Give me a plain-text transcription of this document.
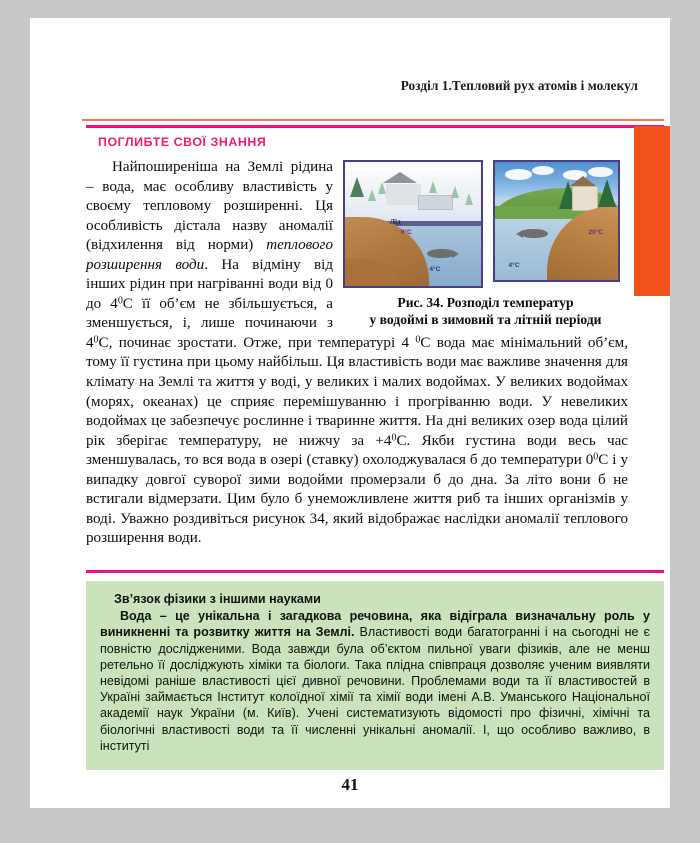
Розділ 1.Тепловий рух атомів і молекул
ПОГЛИБТЕ СВОЇ ЗНАННЯ
Лід
0°C
4°C
20°C
4°C
Рис. 34. Розподіл температур
у водоймі в зимовий та літній періоди

Найпоширеніша на Землі рідина – вода, має особливу властивість у своєму тепловому розширенні. Ця особливість дістала назву аномалії (відхилення від норми) теплового розширення води. На відміну від інших рідин при нагріванні води від 0 до $4^0С$ її об’єм не збільшується, а зменшується, і, лише починаючи з $4^0С$, починає зростати. Отже, при температурі 4 $^0$С вода має мінімальний об’єм, тому її густина при цьому найбільш. Ця властивість води має важливе значення для клімату на Землі та життя у воді, у великих і малих водоймах. У великих водоймах (морях, океанах) це сприяє перемішуванню і прогріванню води. У невеликих водоймах це забезпечує рослинне і тваринне життя. На дні великих озер вода цілий рік зберігає температуру, не нижчу за $+4^0С$. Якби густина води весь час зменшувалась, то вся вода в озері (ставку) охолоджувалася б до температури $0^0С$ і у випадку довгої суворої зими водойми промерзали б до дна. За літо вони б не встигали відмерзати. Цим було б унеможливлене життя риб та інших організмів у воді. Уважно роздивіться рисунок 34, який відображає наслідки аномалії теплового розширення води.

Зв’язок фізики з іншими науками

Вода – це унікальна і загадкова речовина, яка відіграла визначальну роль у виникненні та розвитку життя на Землі. Властивості води багатогранні і на сьогодні не є повністю дослідженими. Вода завжди була об’єктом пильної уваги фізиків, але не менш ретельно її досліджують хіміки та біологи. Така плідна співпраця дозволяє ученим виявляти невідомі раніше властивості цієї дивної речовини. Проблемами води та її властивостей в Україні займається Інститут колоїдної хімії та хімії води імені А.В. Уманського Національної академії наук України (м. Київ). Учені систематизують відомості про фізичні, хімічні та біологічні властивості води та її численні унікальні аномалії. І, що особливо важливо, в інституті

41
